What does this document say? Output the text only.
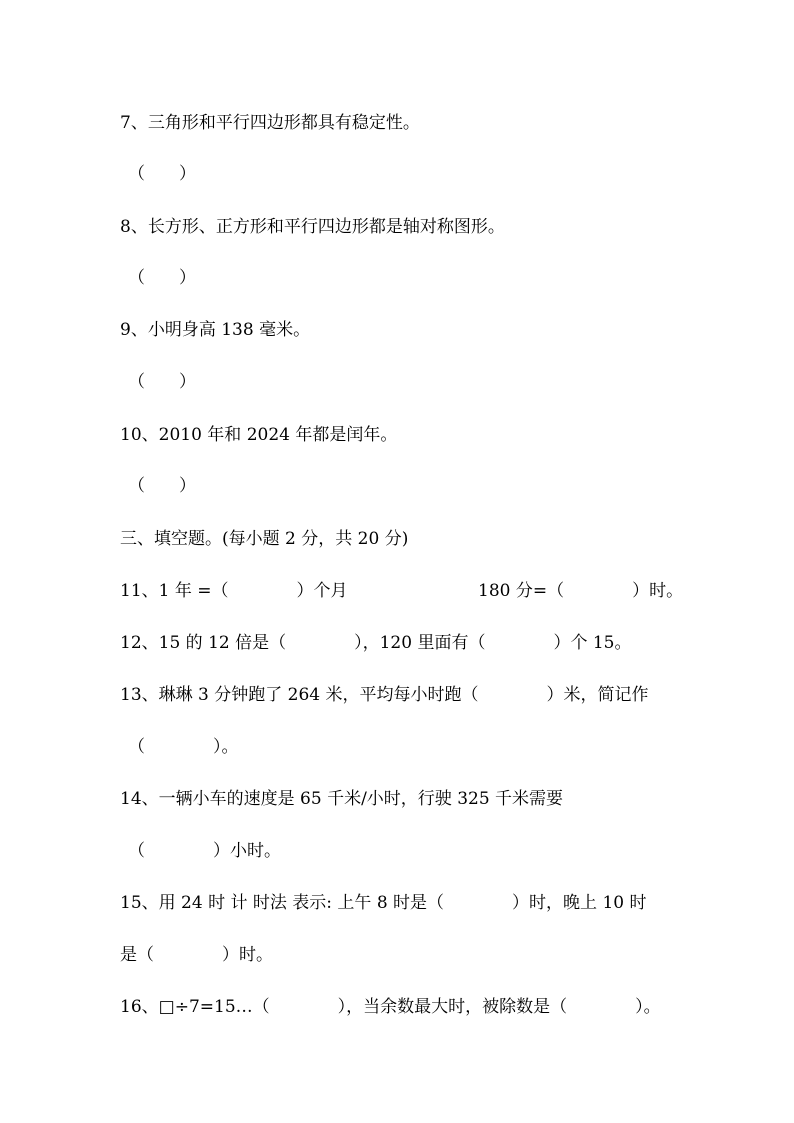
7、三角形和平行四边形都具有稳定性。
（　　）
8、长方形、正方形和平行四边形都是轴对称图形。
（　　）
9、小明身高 138 毫米。
（　　）
10、2010 年和 2024 年都是闰年。
（　　）
三、填空题。(每小题 2 分，共 20 分)
11、1 年 =（　　　　）个月	180 分=（　　　　）时。
12、15 的 12 倍是（　　　　），120 里面有（　　　　）个 15。
13、琳琳 3 分钟跑了 264 米，平均每小时跑（　　　　）米，简记作
（　　　　）。
14、一辆小车的速度是 65 千米/小时，行驶 325 千米需要
（　　　　）小时。
15、用 24 时 计 时法 表示: 上午 8 时是（　　　　）时，晚上 10 时
是（　　　　）时。
16、□÷7=15…（　　　　），当余数最大时，被除数是（　　　　）。
